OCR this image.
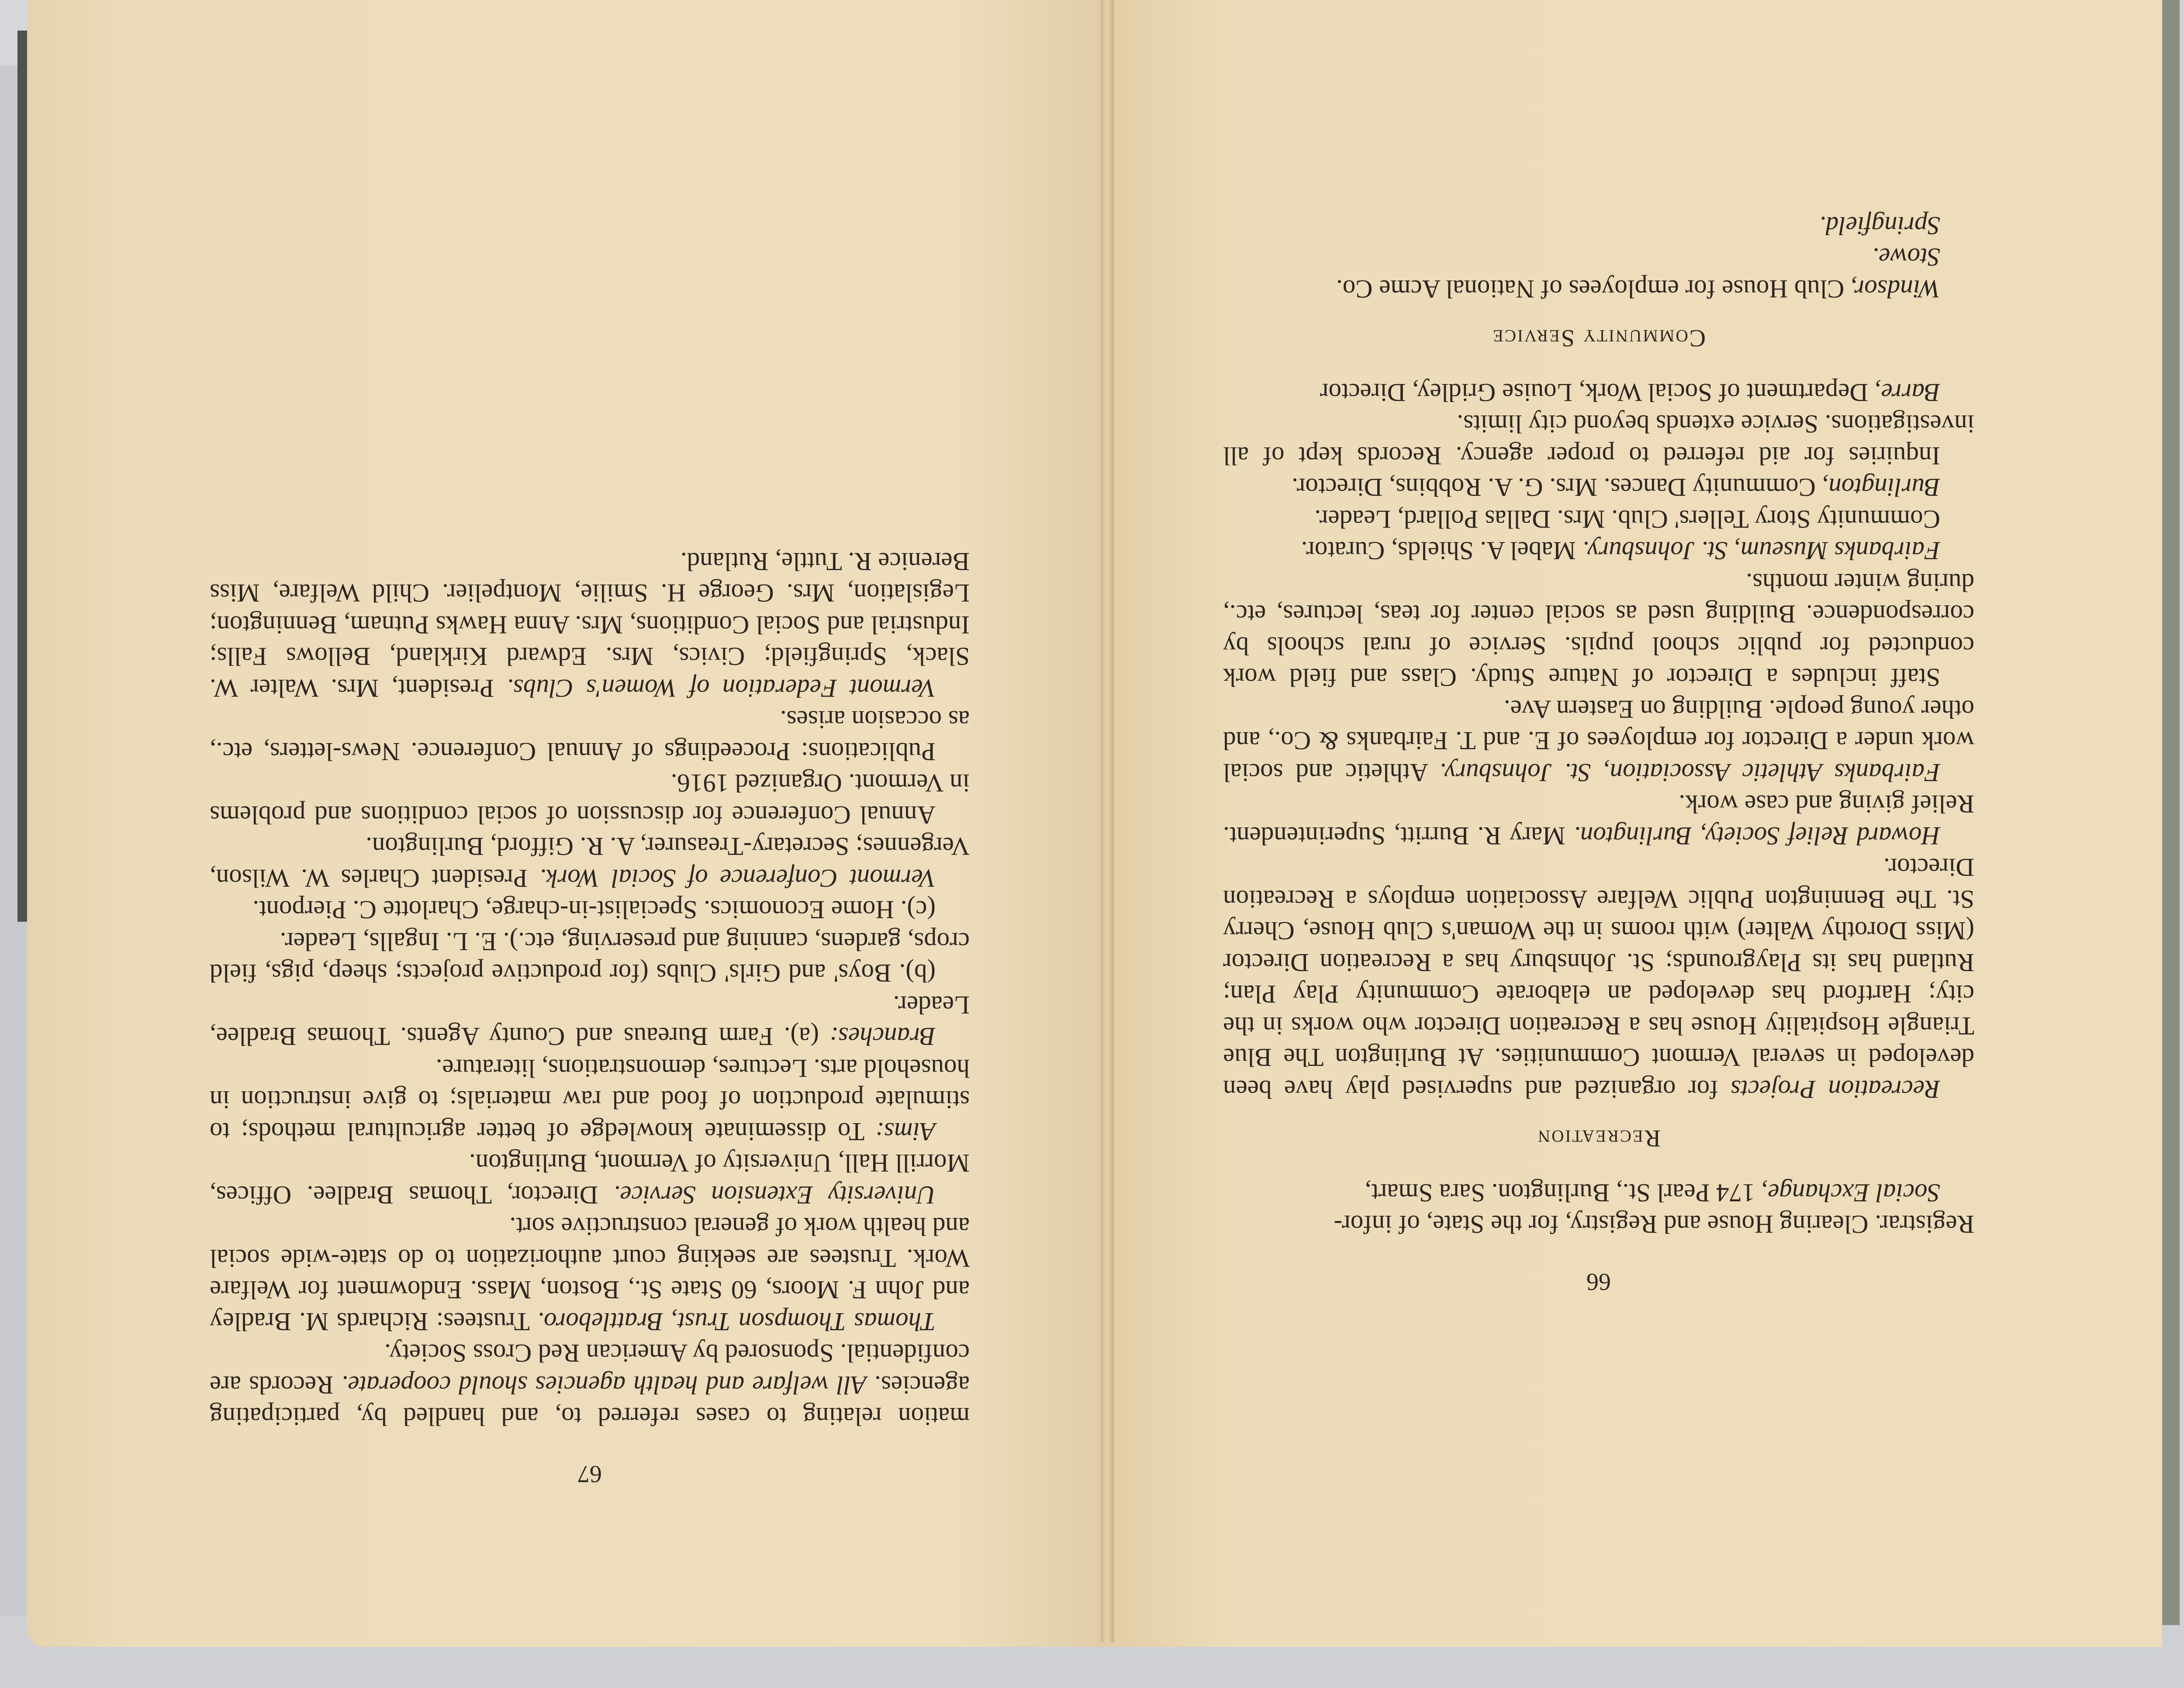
67

mation relating to cases referred to, and handled by, participating agencies. All welfare and health agencies should cooperate. Records are confidential. Sponsored by American Red Cross Society.

Thomas Thompson Trust, Brattleboro. Trustees: Richards M. Bradley and John F. Moors, 60 State St., Boston, Mass. Endowment for Welfare Work. Trustees are seeking court authorization to do state-wide social and health work of general constructive sort.

University Extension Service. Director, Thomas Bradlee. Offices, Morrill Hall, University of Vermont, Burlington.

Aims: To disseminate knowledge of better agricultural methods; to stimulate production of food and raw materials; to give instruction in household arts. Lectures, demonstrations, literature.

Branches: (a). Farm Bureaus and County Agents. Thomas Bradlee, Leader.

(b). Boys' and Girls' Clubs (for productive projects; sheep, pigs, field crops, gardens, canning and preserving, etc.). E. L. Ingalls, Leader.

(c). Home Economics. Specialist-in-charge, Charlotte C. Pierpont.

Vermont Conference of Social Work. President Charles W. Wilson, Vergennes; Secretary-Treasurer, A. R. Gifford, Burlington.

Annual Conference for discussion of social conditions and problems in Vermont. Organized 1916.

Publications: Proceedings of Annual Conference. News-letters, etc., as occasion arises.

Vermont Federation of Women's Clubs. President, Mrs. Walter W. Slack, Springfield; Civics, Mrs. Edward Kirkland, Bellows Falls; Industrial and Social Conditions, Mrs. Anna Hawks Putnam, Bennington; Legislation, Mrs. George H. Smilie, Montpelier. Child Welfare, Miss Berenice R. Tuttle, Rutland.

66

Registrar. Clearing House and Registry, for the State, of infor-

Social Exchange, 174 Pearl St., Burlington. Sara Smart,

Recreation

Recreation Projects for organized and supervised play have been developed in several Vermont Communities. At Burlington The Blue Triangle Hospitality House has a Recreation Director who works in the city; Hartford has developed an elaborate Community Play Plan; Rutland has its Playgrounds; St. Johnsbury has a Recreation Director (Miss Dorothy Walter) with rooms in the Woman's Club House, Cherry St. The Bennington Public Welfare Association employs a Recreation Director.

Howard Relief Society, Burlington. Mary R. Burritt, Superintendent. Relief giving and case work.

Fairbanks Athletic Association, St. Johnsbury. Athletic and social work under a Director for employees of E. and T. Fairbanks & Co., and other young people. Building on Eastern Ave.

Staff includes a Director of Nature Study. Class and field work conducted for public school pupils. Service of rural schools by correspondence. Building used as social center for teas, lectures, etc., during winter months.

Fairbanks Museum, St. Johnsbury. Mabel A. Shields, Curator.

Community Story Tellers' Club. Mrs. Dallas Pollard, Leader.

Burlington, Community Dances. Mrs. G. A. Robbins, Director.

Inquiries for aid referred to proper agency. Records kept of all investigations. Service extends beyond city limits.

Barre, Department of Social Work, Louise Gridley, Director

Community Service

Windsor, Club House for employees of National Acme Co.

Stowe.

Springfield.
